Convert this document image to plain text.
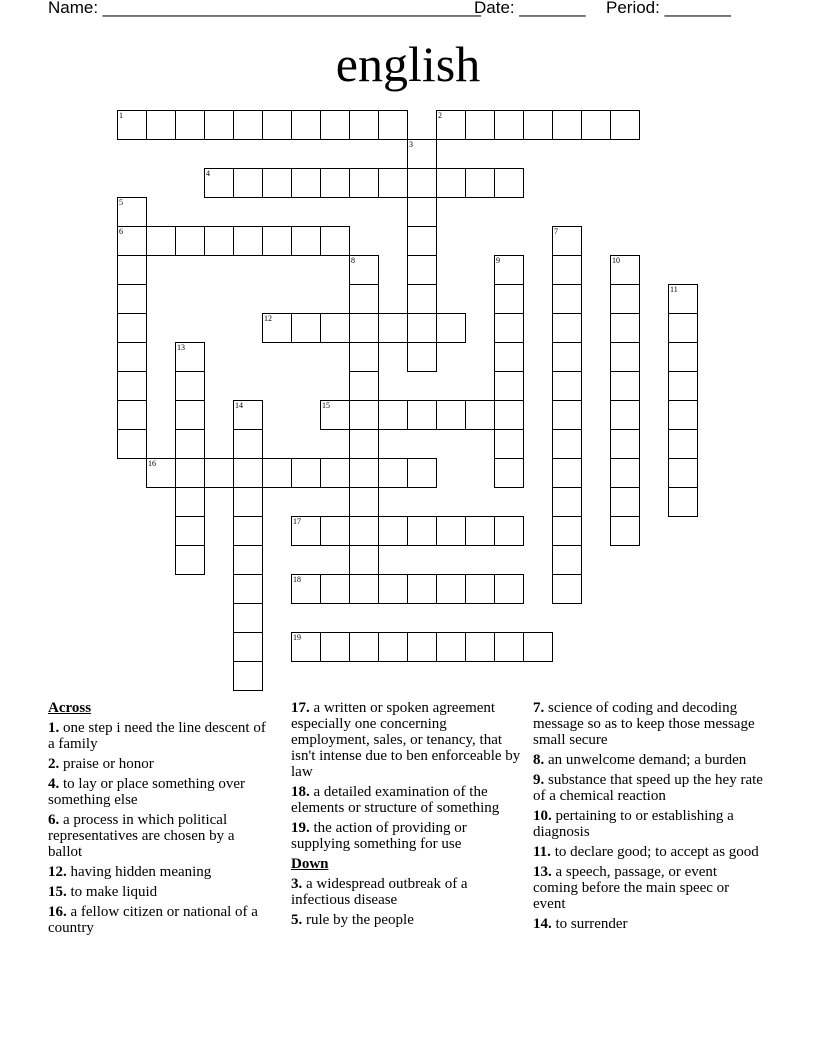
Name: ________________________________________
Date: _______ Period: _______
english
1	2
3
4
5
6	7
8	9	10
11
12
13
14	15
16
17
18
19
Across
1. one step i need the line descent of a family
2. praise or honor
4. to lay or place something over something else
6. a process in which political representatives are chosen by a ballot
12. having hidden meaning
15. to make liquid
16. a fellow citizen or national of a country
17. a written or spoken agreement especially one concerning employment, sales, or tenancy, that isn't intense due to ben enforceable by law
18. a detailed examination of the elements or structure of something
19. the action of providing or supplying something for use
Down
3. a widespread outbreak of a infectious disease
5. rule by the people
7. science of coding and decoding message so as to keep those message small secure
8. an unwelcome demand; a burden
9. substance that speed up the hey rate of a chemical reaction
10. pertaining to or establishing a diagnosis
11. to declare good; to accept as good
13. a speech, passage, or event coming before the main speec or event
14. to surrender
